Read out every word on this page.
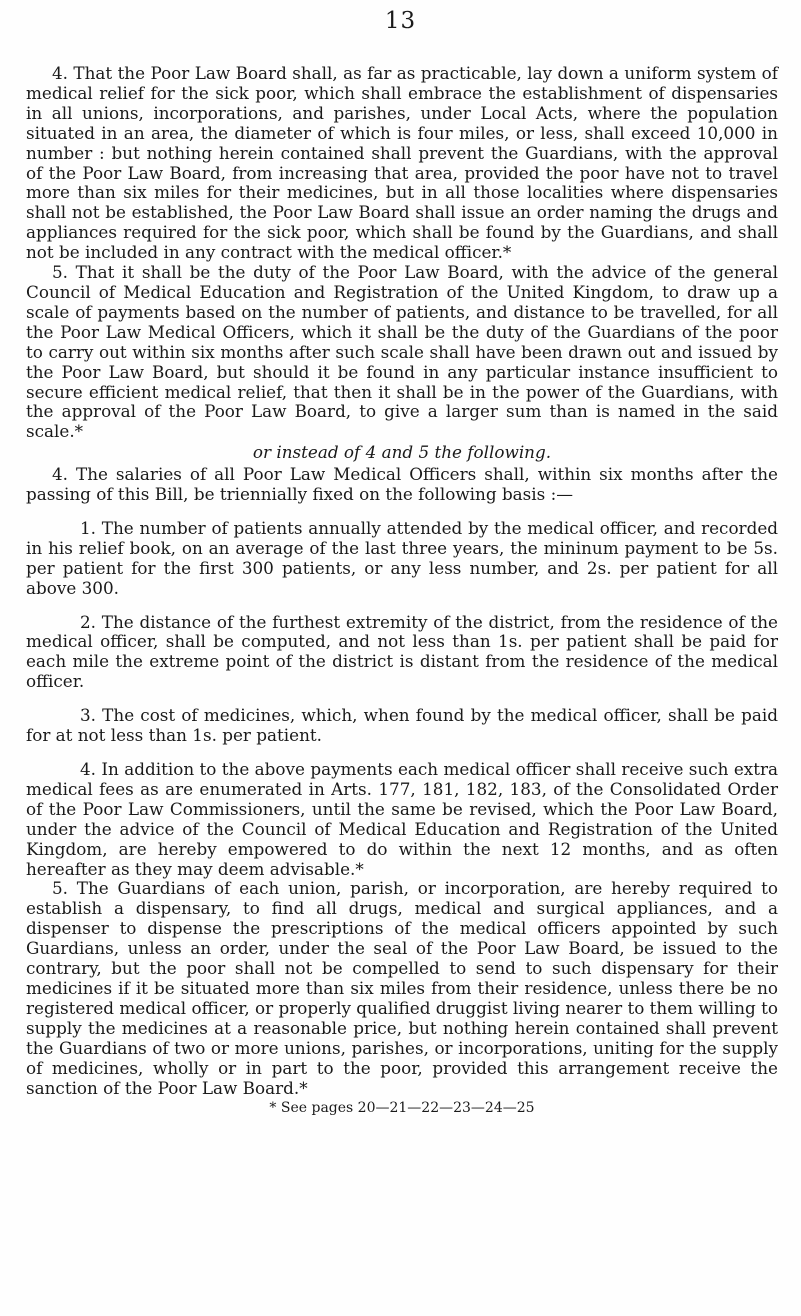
13

4. That the Poor Law Board shall, as far as practicable, lay down a uniform system of medical relief for the sick poor, which shall embrace the establishment of dispensaries in all unions, incorporations, and parishes, under Local Acts, where the population situated in an area, the diameter of which is four miles, or less, shall exceed 10,000 in number : but nothing herein contained shall prevent the Guardians, with the approval of the Poor Law Board, from increasing that area, provided the poor have not to travel more than six miles for their medicines, but in all those localities where dispensaries shall not be established, the Poor Law Board shall issue an order naming the drugs and appliances required for the sick poor, which shall be found by the Guardians, and shall not be included in any contract with the medical officer.*

5. That it shall be the duty of the Poor Law Board, with the advice of the general Council of Medical Education and Registration of the United Kingdom, to draw up a scale of payments based on the number of patients, and distance to be travelled, for all the Poor Law Medical Officers, which it shall be the duty of the Guardians of the poor to carry out within six months after such scale shall have been drawn out and issued by the Poor Law Board, but should it be found in any particular instance insufficient to secure efficient medical relief, that then it shall be in the power of the Guardians, with the approval of the Poor Law Board, to give a larger sum than is named in the said scale.*

or instead of 4 and 5 the following.

4. The salaries of all Poor Law Medical Officers shall, within six months after the passing of this Bill, be triennially fixed on the following basis :—

1. The number of patients annually attended by the medical officer, and recorded in his relief book, on an average of the last three years, the mininum payment to be 5s. per patient for the first 300 patients, or any less number, and 2s. per patient for all above 300.

2. The distance of the furthest extremity of the district, from the residence of the medical officer, shall be computed, and not less than 1s. per patient shall be paid for each mile the extreme point of the district is distant from the residence of the medical officer.

3. The cost of medicines, which, when found by the medical officer, shall be paid for at not less than 1s. per patient.

4. In addition to the above payments each medical officer shall receive such extra medical fees as are enumerated in Arts. 177, 181, 182, 183, of the Consolidated Order of the Poor Law Commissioners, until the same be revised, which the Poor Law Board, under the advice of the Council of Medical Education and Registration of the United Kingdom, are hereby empowered to do within the next 12 months, and as often hereafter as they may deem advisable.*

5. The Guardians of each union, parish, or incorporation, are hereby required to establish a dispensary, to find all drugs, medical and surgical appliances, and a dispenser to dispense the prescriptions of the medical officers appointed by such Guardians, unless an order, under the seal of the Poor Law Board, be issued to the contrary, but the poor shall not be compelled to send to such dispensary for their medicines if it be situated more than six miles from their residence, unless there be no registered medical officer, or properly qualified druggist living nearer to them willing to supply the medicines at a reasonable price, but nothing herein contained shall prevent the Guardians of two or more unions, parishes, or incorporations, uniting for the supply of medicines, wholly or in part to the poor, provided this arrangement receive the sanction of the Poor Law Board.*

* See pages 20—21—22—23—24—25
